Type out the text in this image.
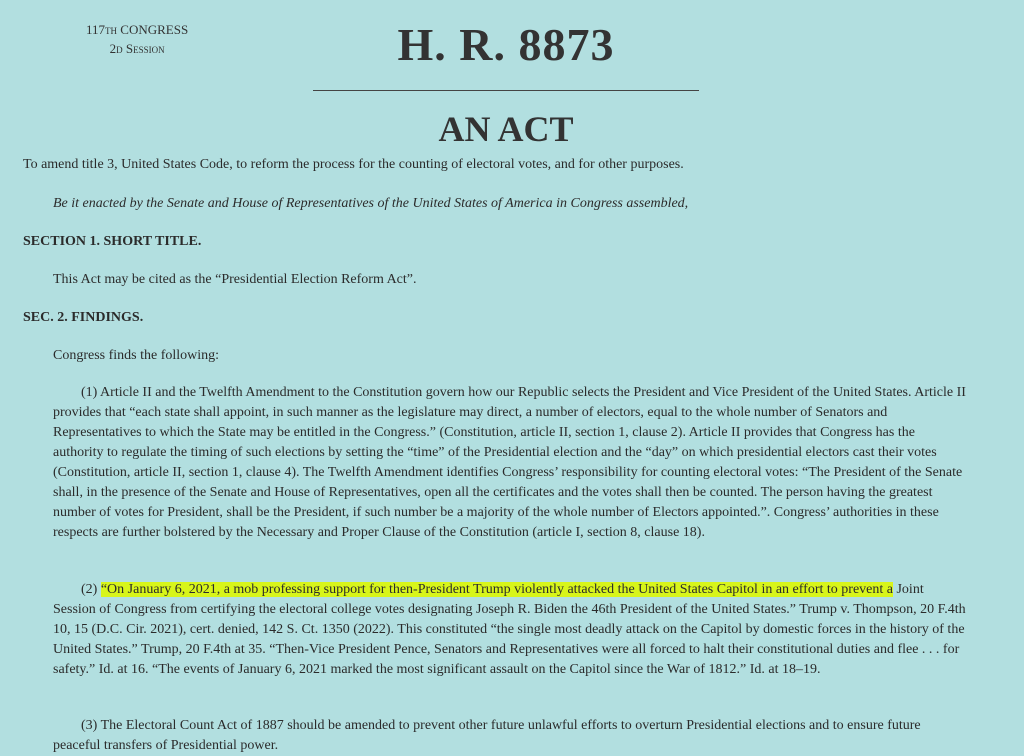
117th CONGRESS
2d Session	H. R. 8873
AN ACT
To amend title 3, United States Code, to reform the process for the counting of electoral votes, and for other purposes.
Be it enacted by the Senate and House of Representatives of the United States of America in Congress assembled,
SECTION 1. SHORT TITLE.
This Act may be cited as the “Presidential Election Reform Act”.
SEC. 2. FINDINGS.
Congress finds the following:
(1) Article II and the Twelfth Amendment to the Constitution govern how our Republic selects the President and Vice President of the United States. Article II provides that “each state shall appoint, in such manner as the legislature may direct, a number of electors, equal to the whole number of Senators and Representatives to which the State may be entitled in the Congress.” (Constitution, article II, section 1, clause 2). Article II provides that Congress has the authority to regulate the timing of such elections by setting the “time” of the Presidential election and the “day” on which presidential electors cast their votes (Constitution, article II, section 1, clause 4). The Twelfth Amendment identifies Congress’ responsibility for counting electoral votes: “The President of the Senate shall, in the presence of the Senate and House of Representatives, open all the certificates and the votes shall then be counted. The person having the greatest number of votes for President, shall be the President, if such number be a majority of the whole number of Electors appointed.”. Congress’ authorities in these respects are further bolstered by the Necessary and Proper Clause of the Constitution (article I, section 8, clause 18).
(2) “On January 6, 2021, a mob professing support for then-President Trump violently attacked the United States Capitol in an effort to prevent a Joint Session of Congress from certifying the electoral college votes designating Joseph R. Biden the 46th President of the United States.” Trump v. Thompson, 20 F.4th 10, 15 (D.C. Cir. 2021), cert. denied, 142 S. Ct. 1350 (2022). This constituted “the single most deadly attack on the Capitol by domestic forces in the history of the United States.” Trump, 20 F.4th at 35. “Then-Vice President Pence, Senators and Representatives were all forced to halt their constitutional duties and flee . . . for safety.” Id. at 16. “The events of January 6, 2021 marked the most significant assault on the Capitol since the War of 1812.” Id. at 18–19.
(3) The Electoral Count Act of 1887 should be amended to prevent other future unlawful efforts to overturn Presidential elections and to ensure future peaceful transfers of Presidential power.
